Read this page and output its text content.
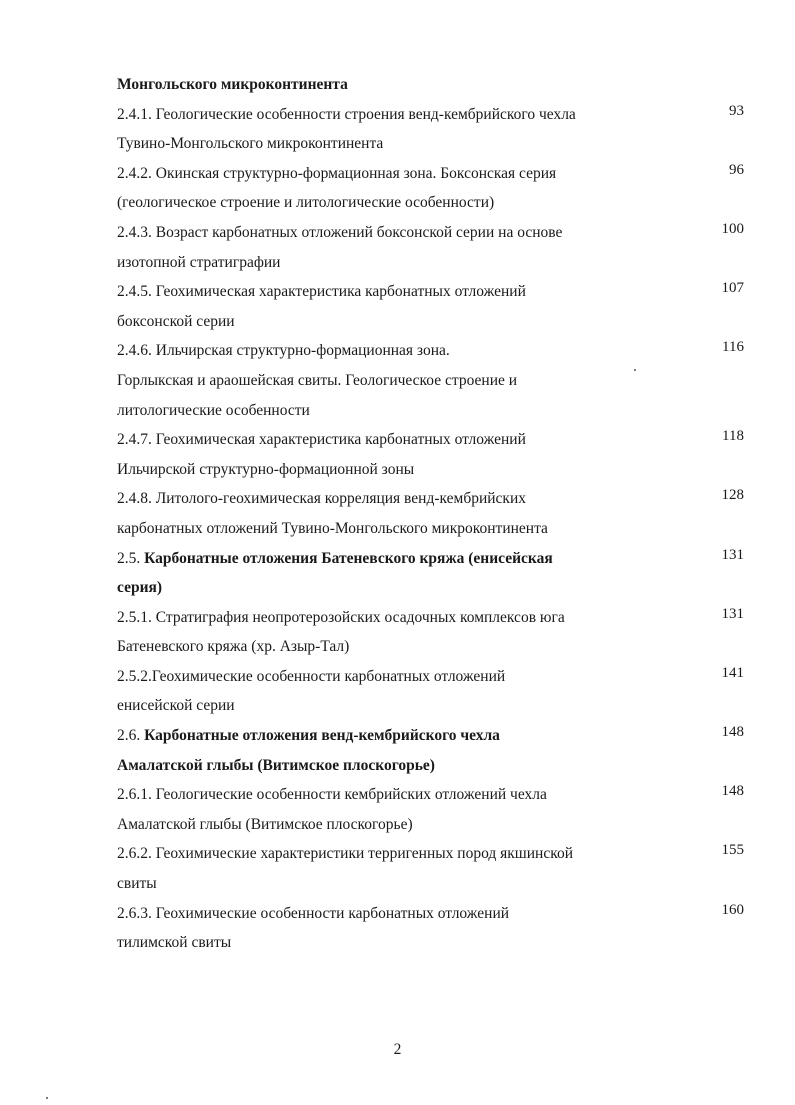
Монгольского микроконтинента
2.4.1. Геологические особенности строения венд-кембрийского чехла	93
Тувино-Монгольского микроконтинента
2.4.2. Окинская структурно-формационная зона. Боксонская серия	96
(геологическое строение и литологические особенности)
2.4.3. Возраст карбонатных отложений боксонской серии на основе	100
изотопной стратиграфии
2.4.5. Геохимическая характеристика карбонатных отложений	107
боксонской серии
2.4.6. Ильчирская структурно-формационная зона.	116
Горлыкская и араошейская свиты. Геологическое строение и
литологические особенности
2.4.7. Геохимическая характеристика карбонатных отложений	118
Ильчирской структурно-формационной зоны
2.4.8. Литолого-геохимическая корреляция венд-кембрийских	128
карбонатных отложений Тувино-Монгольского микроконтинента
2.5. Карбонатные отложения Батеневского кряжа (енисейская	131
серия)
2.5.1. Стратиграфия неопротерозойских осадочных комплексов юга	131
Батеневского кряжа (хр. Азыр-Тал)
2.5.2.Геохимические особенности карбонатных отложений	141
енисейской серии
2.6. Карбонатные отложения венд-кембрийского чехла	148
Амалатской глыбы (Витимское плоскогорье)
2.6.1. Геологические особенности кембрийских отложений чехла	148
Амалатской глыбы (Витимское плоскогорье)
2.6.2. Геохимические характеристики терригенных пород якшинской	155
свиты
2.6.3. Геохимические особенности карбонатных отложений	160
тилимской свиты
2
